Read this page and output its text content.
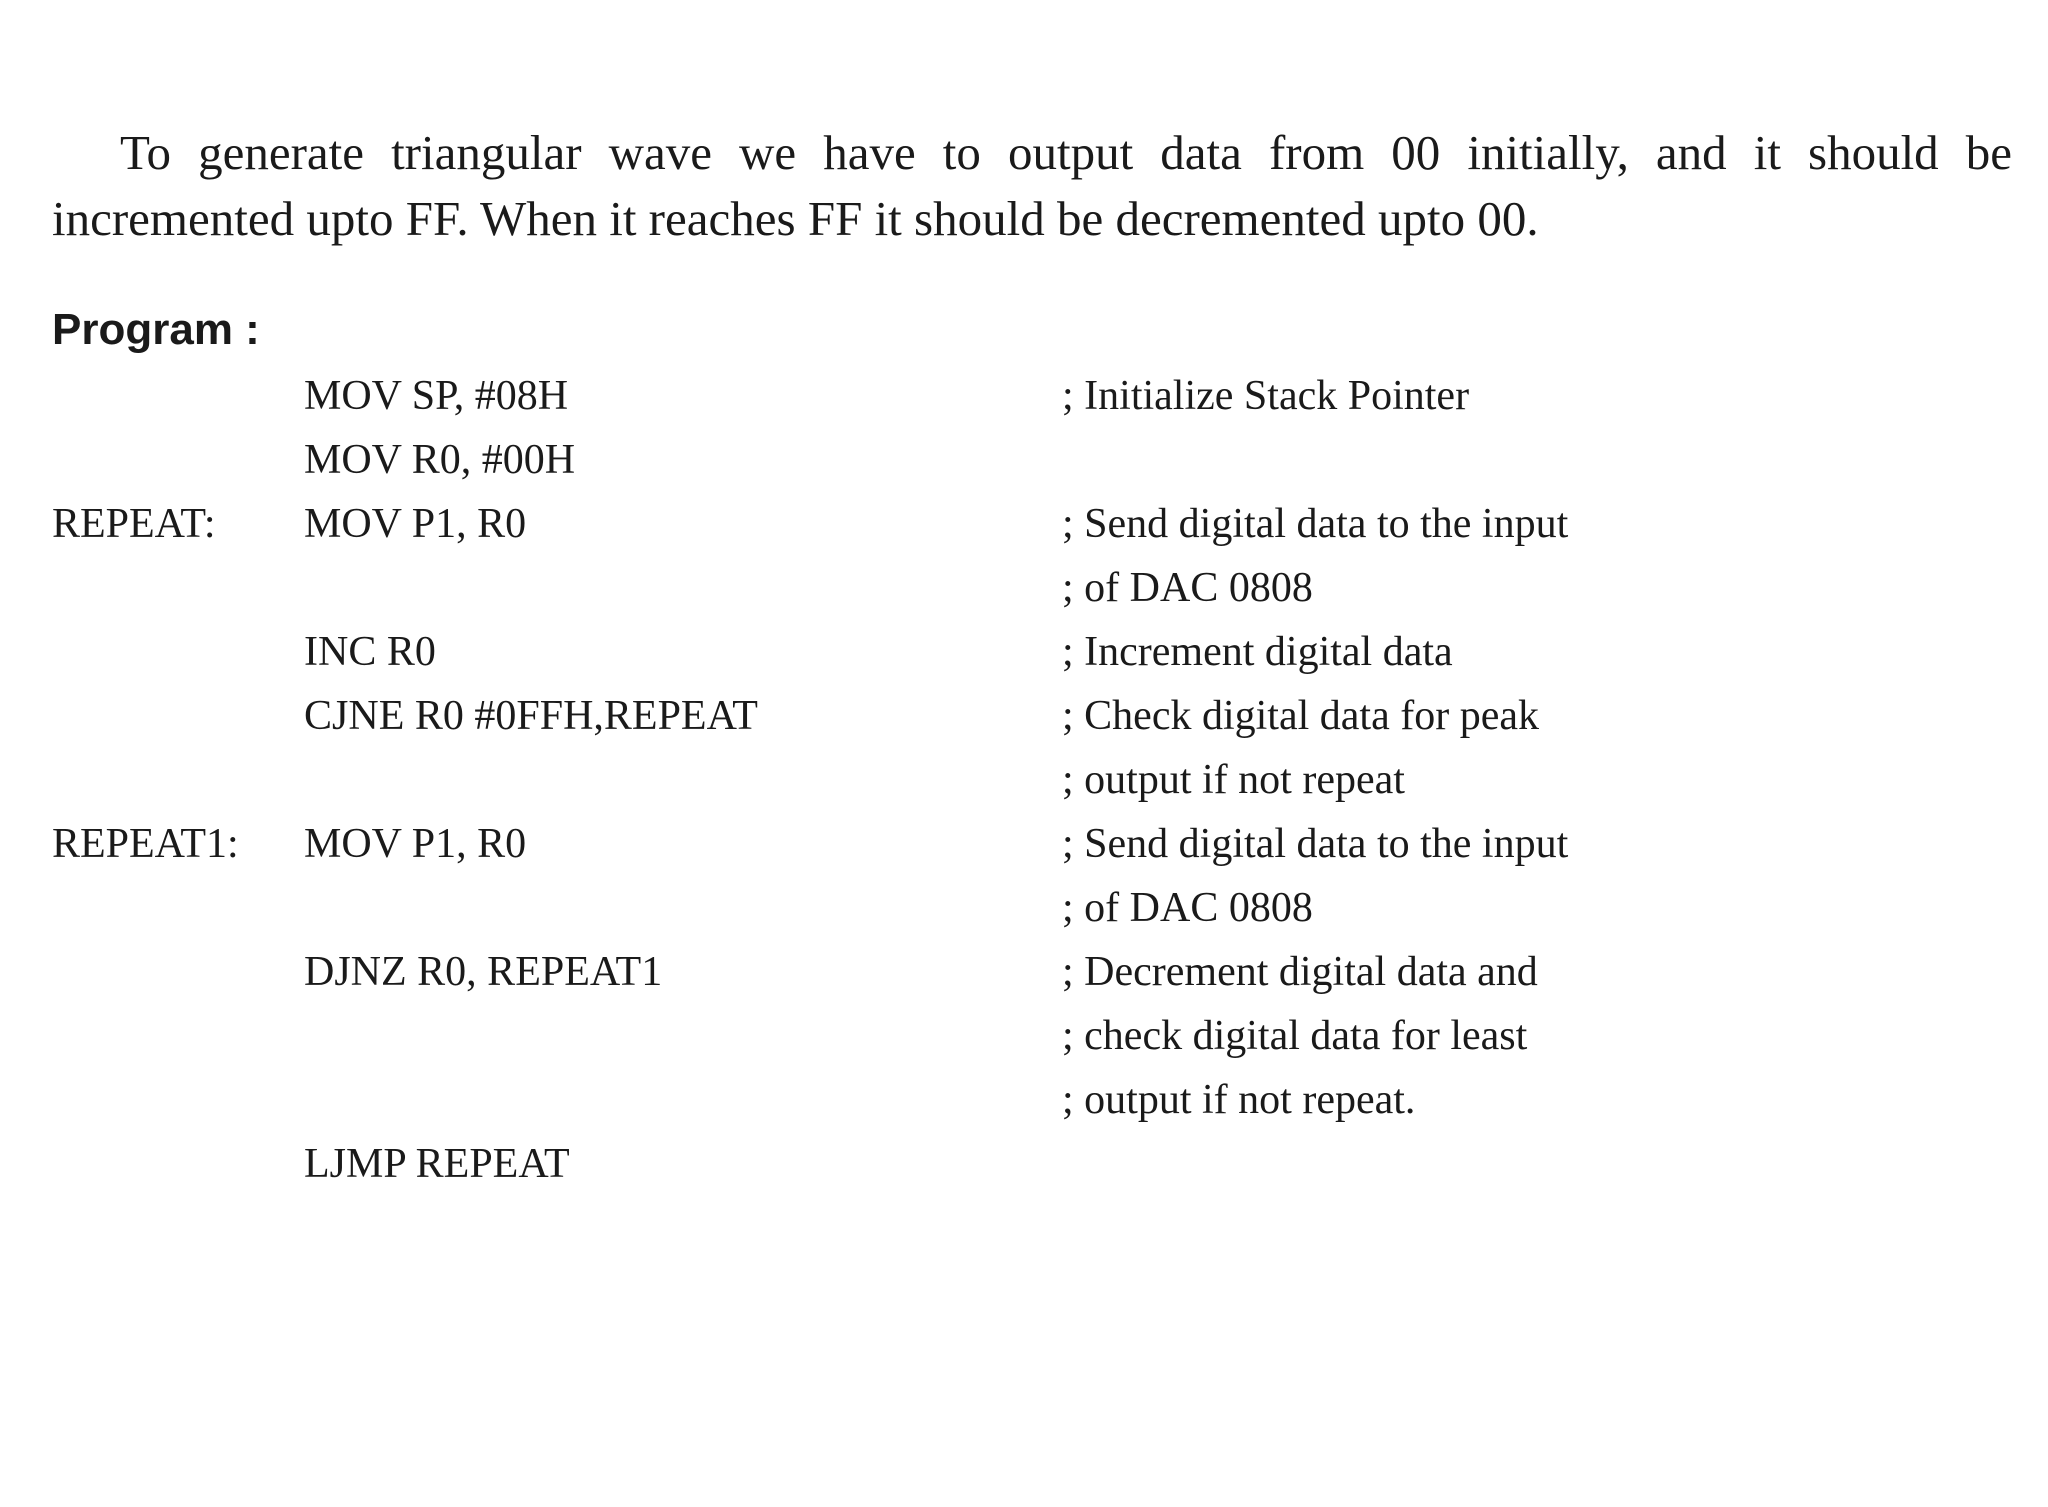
To generate triangular wave we have to output data from 00 initially, and it should be incremented upto FF. When it reaches FF it should be decremented upto 00.

Program :
MOV SP, #08H	; Initialize Stack Pointer
MOV R0, #00H
REPEAT: MOV P1, R0	; Send digital data to the input
; of DAC 0808
INC R0	; Increment digital data
CJNE R0 #0FFH,REPEAT	; Check digital data for peak
; output if not repeat
REPEAT1: MOV P1, R0	; Send digital data to the input
; of DAC 0808
DJNZ R0, REPEAT1	; Decrement digital data and
; check digital data for least
; output if not repeat.
LJMP REPEAT
